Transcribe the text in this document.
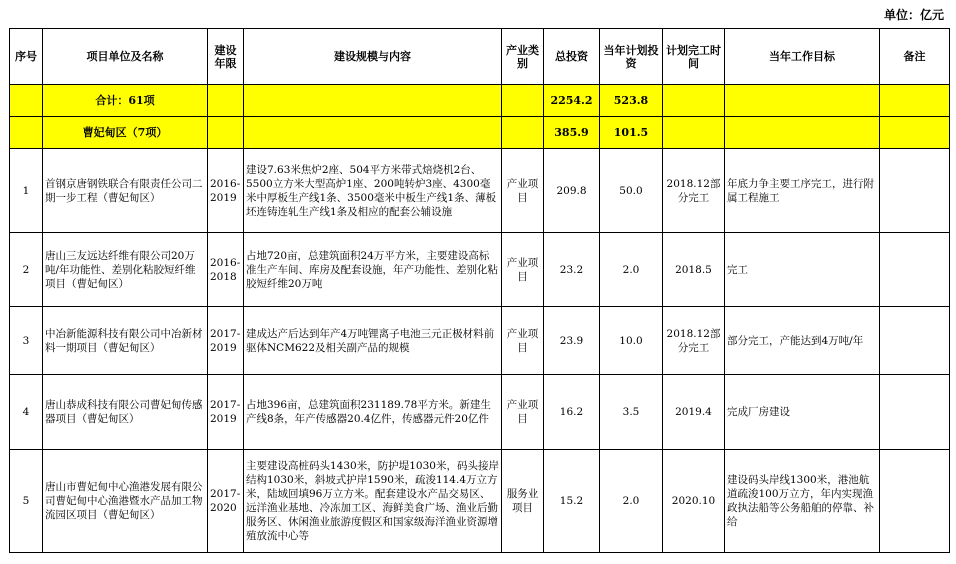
单位：亿元
序号	项目单位及名称	建设年限	建设规模与内容	产业类别	总投资	当年计划投资	计划完工时间	当年工作目标	备注
	合计：61项				2254.2	523.8			
	曹妃甸区（7项）				385.9	101.5			
1	首钢京唐钢铁联合有限责任公司二期一步工程（曹妃甸区）	2016-2019	建设7.63米焦炉2座、504平方米带式焙烧机2台、5500立方米大型高炉1座、200吨转炉3座、4300毫米中厚板生产线1条、3500毫米中板生产线1条、薄板坯连铸连轧生产线1条及相应的配套公辅设施	产业项目	209.8	50.0	2018.12部分完工	年底力争主要工序完工，进行附属工程施工	
2	唐山三友远达纤维有限公司20万吨/年功能性、差别化粘胶短纤维项目（曹妃甸区）	2016-2018	占地720亩，总建筑面积24万平方米，主要建设高标准生产车间、库房及配套设施，年产功能性、差别化粘胶短纤维20万吨	产业项目	23.2	2.0	2018.5	完工	
3	中冶新能源科技有限公司中冶新材料一期项目（曹妃甸区）	2017-2019	建成达产后达到年产4万吨锂离子电池三元正极材料前驱体NCM622及相关副产品的规模	产业项目	23.9	10.0	2018.12部分完工	部分完工，产能达到4万吨/年	
4	唐山恭成科技有限公司曹妃甸传感器项目（曹妃甸区）	2017-2019	占地396亩，总建筑面积231189.78平方米。新建生产线8条，年产传感器20.4亿件，传感器元件20亿件	产业项目	16.2	3.5	2019.4	完成厂房建设	
5	唐山市曹妃甸中心渔港发展有限公司曹妃甸中心渔港暨水产品加工物流园区项目（曹妃甸区）	2017-2020	主要建设高桩码头1430米，防护堤1030米，码头接岸结构1030米，斜坡式护岸1590米，疏浚114.4万立方米，陆域回填96万立方米。配套建设水产品交易区、远洋渔业基地、冷冻加工区、海鲜美食广场、渔业后勤服务区、休闲渔业旅游度假区和国家级海洋渔业资源增殖放流中心等	服务业项目	15.2	2.0	2020.10	建设码头岸线1300米，港池航道疏浚100万立方，年内实现渔政执法船等公务船舶的停靠、补给	
